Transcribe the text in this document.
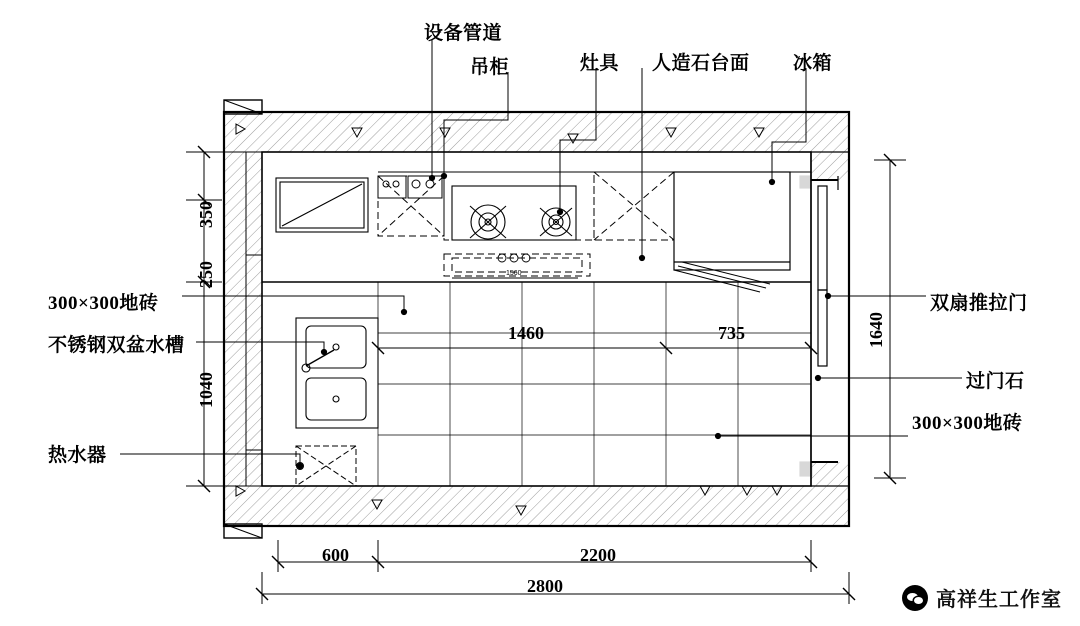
设备管道
吊柜	灶具 人造石台面 冰箱
300×300地砖
不锈钢双盆水槽
热水器
双扇推拉门
过门石
300×300地砖
350
250
1040
1640
1460	735
600	2200
2800
1560
高祥生工作室
